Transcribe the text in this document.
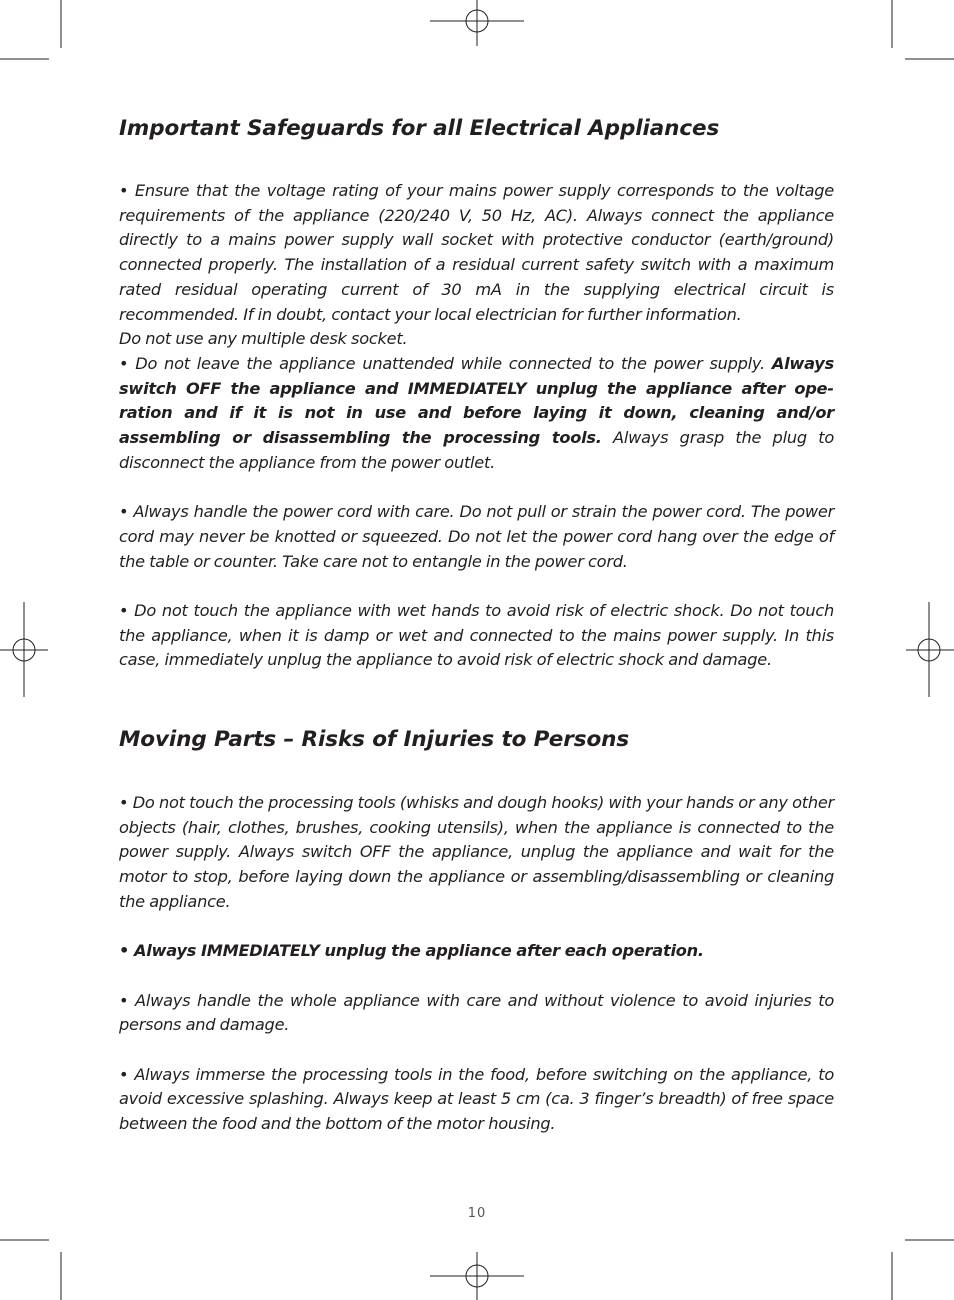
Important Safeguards for all Electrical Appliances

• Ensure that the voltage rating of your mains power supply corresponds to the voltage requirements of the appliance (220/240 V, 50 Hz, AC). Always connect the appliance directly to a mains power supply wall socket with protective conductor (earth/ground) connected properly. The installation of a residual current safety switch with a maximum rated residual operating current of 30 mA in the supplying electrical circuit is recommended. If in doubt, contact your local electrician for further information.

Do not use any multiple desk socket.

• Do not leave the appliance unattended while connected to the power supply. Always switch OFF the appliance and IMMEDIATELY unplug the appliance after operation and if it is not in use and before laying it down, cleaning and/or assembling or disassembling the processing tools. Always grasp the plug to disconnect the appliance from the power outlet.

• Always handle the power cord with care. Do not pull or strain the power cord. The power cord may never be knotted or squeezed. Do not let the power cord hang over the edge of the table or counter. Take care not to entangle in the power cord.

• Do not touch the appliance with wet hands to avoid risk of electric shock. Do not touch the appliance, when it is damp or wet and connected to the mains power supply. In this case, immediately unplug the appliance to avoid risk of electric shock and damage.

Moving Parts – Risks of Injuries to Persons

• Do not touch the processing tools (whisks and dough hooks) with your hands or any other objects (hair, clothes, brushes, cooking utensils), when the appliance is connected to the power supply. Always switch OFF the appliance, unplug the appliance and wait for the motor to stop, before laying down the appliance or assembling/disassembling or cleaning the appliance.

• Always IMMEDIATELY unplug the appliance after each operation.

• Always handle the whole appliance with care and without violence to avoid injuries to persons and damage.

• Always immerse the processing tools in the food, before switching on the appliance, to avoid excessive splashing. Always keep at least 5 cm (ca. 3 finger’s breadth) of free space between the food and the bottom of the motor housing.

10
